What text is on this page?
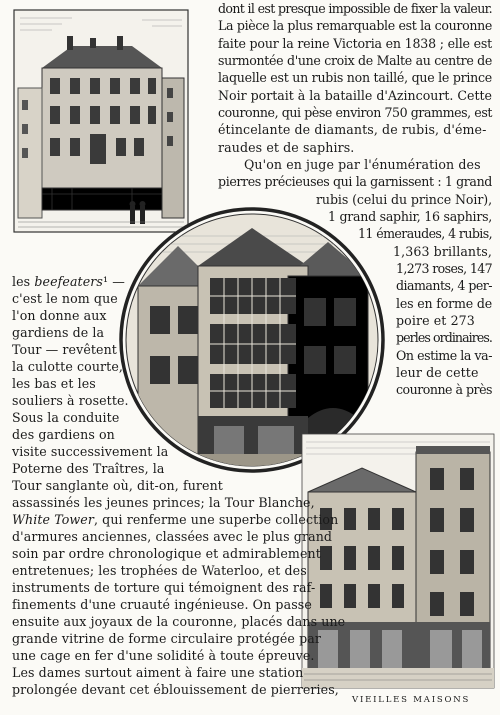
VIEILLES MAISONS
dont il est presque impossible de fixer la valeur.
La pièce la plus remarquable est la couronne
faite pour la reine Victoria en 1838 ; elle est
surmontée d'une croix de Malte au centre de
laquelle est un rubis non taillé, que le prince
Noir portait à la bataille d'Azincourt. Cette
couronne, qui pèse environ 750 grammes, est
étincelante de diamants, de rubis, d'éme-
raudes et de saphirs.
Qu'on en juge par l'énumération des
pierres précieuses qui la garnissent : 1 grand
rubis (celui du prince Noir),
1 grand saphir, 16 saphirs,
11 émeraudes, 4 rubis,
1,363 brillants,
1,273 roses, 147
diamants, 4 per-
les en forme de
poire et 273
perles ordinaires.
On estime la va-
leur de cette
couronne à près
les beefeaters¹ —
c'est le nom que
l'on donne aux
gardiens de la
Tour — revêtent
la culotte courte,
les bas et les
souliers à rosette.
Sous la conduite
des gardiens on
visite successivement la
Poterne des Traîtres, la
Tour sanglante où, dit-on, furent
assassinés les jeunes princes; la Tour Blanche,
White Tower, qui renferme une superbe collection
d'armures anciennes, classées avec le plus grand
soin par ordre chronologique et admirablement
entretenues; les trophées de Waterloo, et des
instruments de torture qui témoignent des raf-
finements d'une cruauté ingénieuse. On passe
ensuite aux joyaux de la couronne, placés dans une
grande vitrine de forme circulaire protégée par
une cage en fer d'une solidité à toute épreuve.
Les dames surtout aiment à faire une station
prolongée devant cet éblouissement de pierreries,
